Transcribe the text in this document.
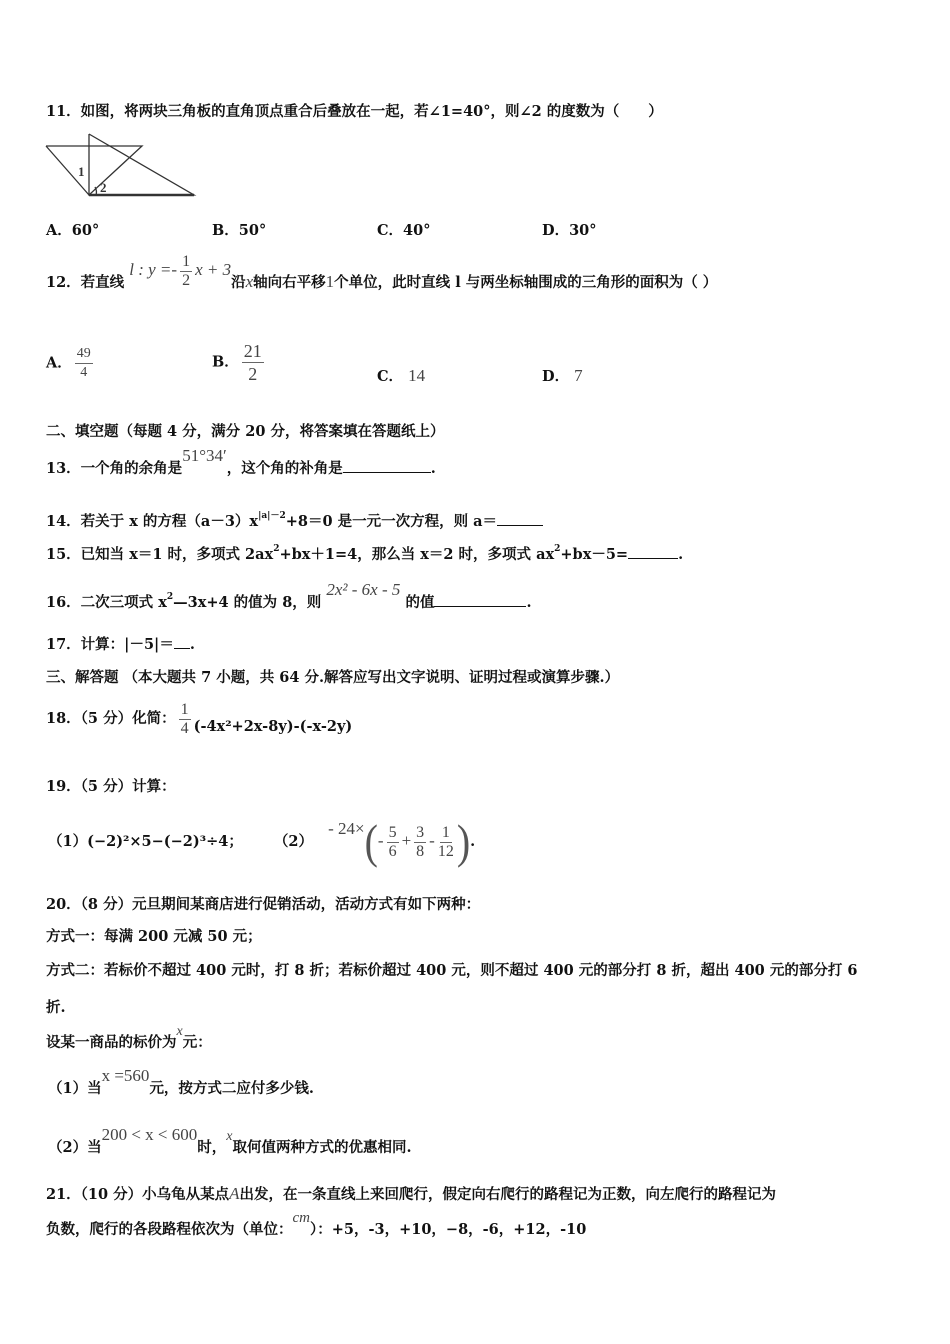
11．如图，将两块三角板的直角顶点重合后叠放在一起，若∠1=40°，则∠2 的度数为（　　）
1
2
A．60°	B．50°	C．40°	D．30°
12．若直线 l : $y =- \frac{1}{2}$ x + 3沿x轴向右平移1个单位，此时直线 l 与两坐标轴围成的三角形的面积为（ ）
A． $\frac{49}{4}$	B． $\frac{21}{2}$	C． 14	D． 7
二、填空题（每题 4 分，满分 20 分，将答案填在答题纸上）
13．一个角的余角是51°34′，这个角的补角是	.
14．若关于 x 的方程$(a-3)x^{|a|-2}+8=0$ 是一元一次方程，则 a＝
15．已知当 x＝1 时，多项式 $2ax^2+bx+1=4$，那么当 x＝2 时，多项式 $ax^2+bx-5=$	.
16．二次三项式 $x^2—3x+4$ 的值为 8，则 2x² - 6x - 5 的值	.
17．计算：|－5|＝ .
三、解答题 （本大题共 7 小题，共 64 分.解答应写出文字说明、证明过程或演算步骤.）
18．（5 分）化简： $\frac{1}{4} (-4x^2+2x-8y)-(-x-2y)$
19．（5 分）计算：
（1）(−2)²×5−(−2)³÷4； $(2) - 24\times(- \frac{5}{6} + \frac{3}{8} - \frac{1}{12}$ ).
20．（8 分）元旦期间某商店进行促销活动，活动方式有如下两种：
方式一：每满 200 元减 50 元；
方式二：若标价不超过 400 元时，打 8 折；若标价超过 400 元，则不超过 400 元的部分打 8 折，超出 400 元的部分打 6
折.
设某一商品的标价为x元：
（1）当x =560元，按方式二应付多少钱.
（2）当200 < x < 600时，x取何值两种方式的优惠相同.
21．（10 分）小乌龟从某点A出发，在一条直线上来回爬行，假定向右爬行的路程记为正数，向左爬行的路程记为
负数，爬行的各段路程依次为（单位：cm）：+5，-3，+10，−8，-6，+12，-10
